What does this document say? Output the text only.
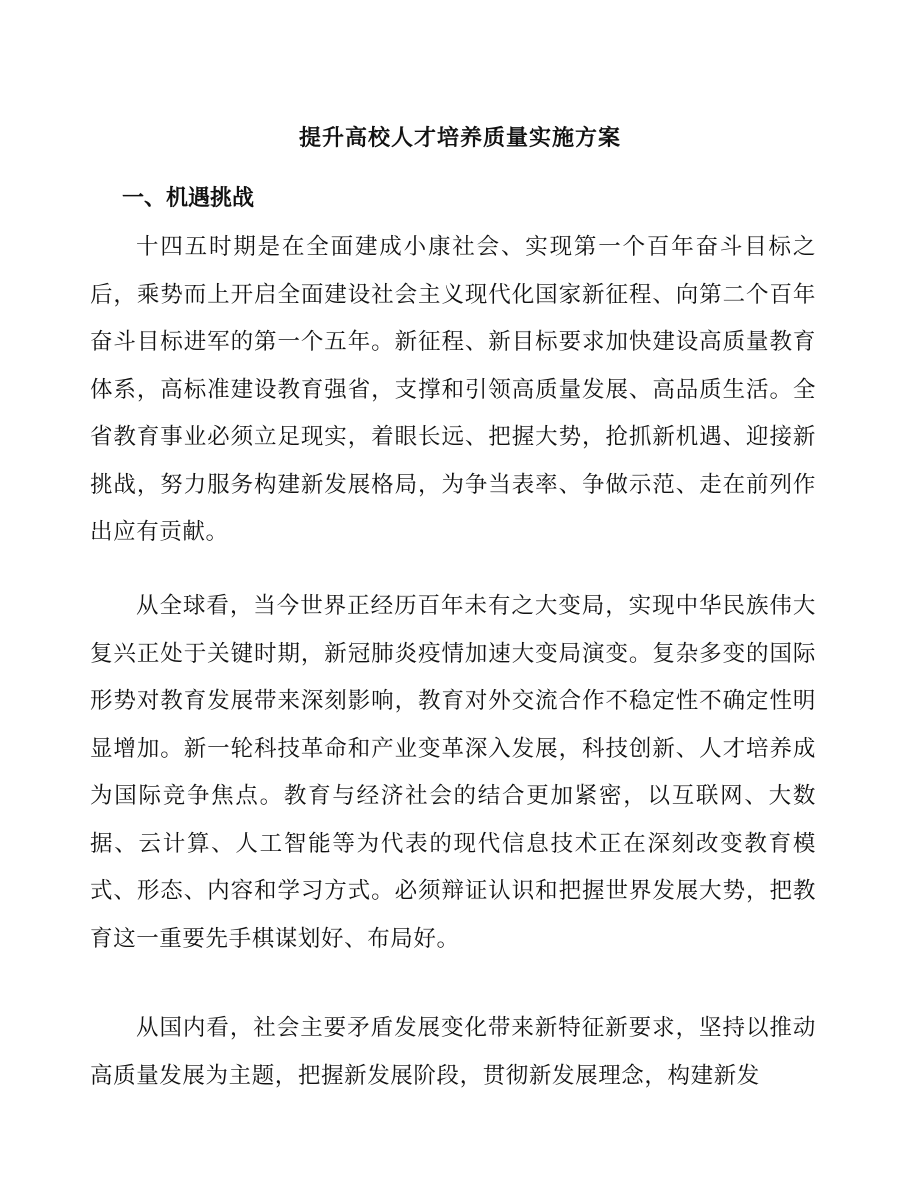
提升高校人才培养质量实施方案
一、机遇挑战

十四五时期是在全面建成小康社会、实现第一个百年奋斗目标之后，乘势而上开启全面建设社会主义现代化国家新征程、向第二个百年奋斗目标进军的第一个五年。新征程、新目标要求加快建设高质量教育体系，高标准建设教育强省，支撑和引领高质量发展、高品质生活。全省教育事业必须立足现实，着眼长远、把握大势，抢抓新机遇、迎接新挑战，努力服务构建新发展格局，为争当表率、争做示范、走在前列作出应有贡献。

从全球看，当今世界正经历百年未有之大变局，实现中华民族伟大复兴正处于关键时期，新冠肺炎疫情加速大变局演变。复杂多变的国际形势对教育发展带来深刻影响，教育对外交流合作不稳定性不确定性明显增加。新一轮科技革命和产业变革深入发展，科技创新、人才培养成为国际竞争焦点。教育与经济社会的结合更加紧密，以互联网、大数据、云计算、人工智能等为代表的现代信息技术正在深刻改变教育模式、形态、内容和学习方式。必须辩证认识和把握世界发展大势，把教育这一重要先手棋谋划好、布局好。

从国内看，社会主要矛盾发展变化带来新特征新要求，坚持以推动高质量发展为主题，把握新发展阶段，贯彻新发展理念，构建新发
